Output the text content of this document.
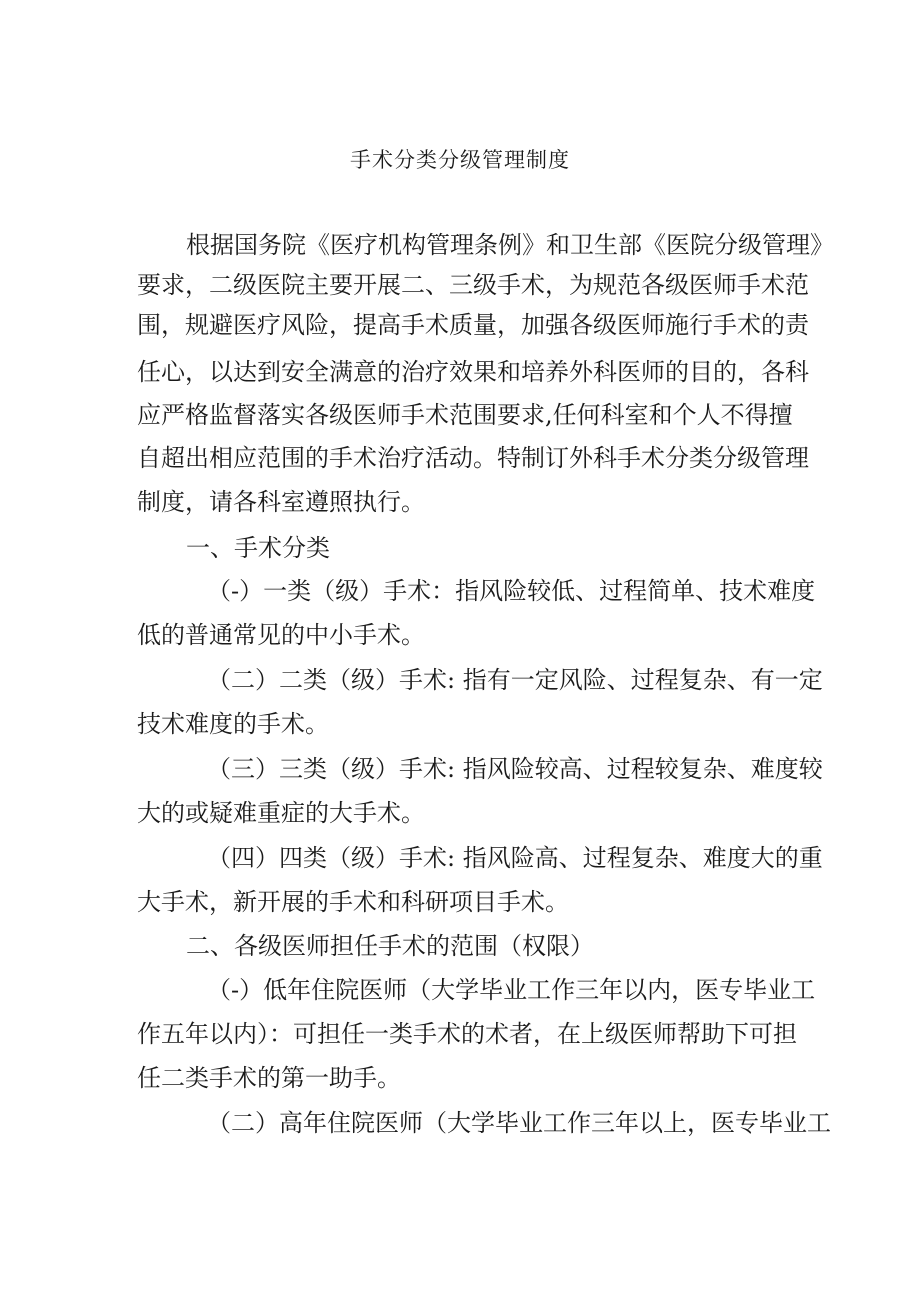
手术分类分级管理制度
根据国务院《医疗机构管理条例》和卫生部《医院分级管理》
要求，二级医院主要开展二、三级手术，为规范各级医师手术范
围，规避医疗风险，提高手术质量，加强各级医师施行手术的责
任心，以达到安全满意的治疗效果和培养外科医师的目的，各科
应严格监督落实各级医师手术范围要求,任何科室和个人不得擅
自超出相应范围的手术治疗活动。特制订外科手术分类分级管理
制度，请各科室遵照执行。
一、手术分类
（-）一类（级）手术：指风险较低、过程简单、技术难度
低的普通常见的中小手术。
（二）二类（级）手术: 指有一定风险、过程复杂、有一定
技术难度的手术。
（三）三类（级）手术: 指风险较高、过程较复杂、难度较
大的或疑难重症的大手术。
（四）四类（级）手术: 指风险高、过程复杂、难度大的重
大手术，新开展的手术和科研项目手术。
二、各级医师担任手术的范围（权限）
（-）低年住院医师（大学毕业工作三年以内，医专毕业工
作五年以内）：可担任一类手术的术者，在上级医师帮助下可担
任二类手术的第一助手。
（二）高年住院医师（大学毕业工作三年以上，医专毕业工
